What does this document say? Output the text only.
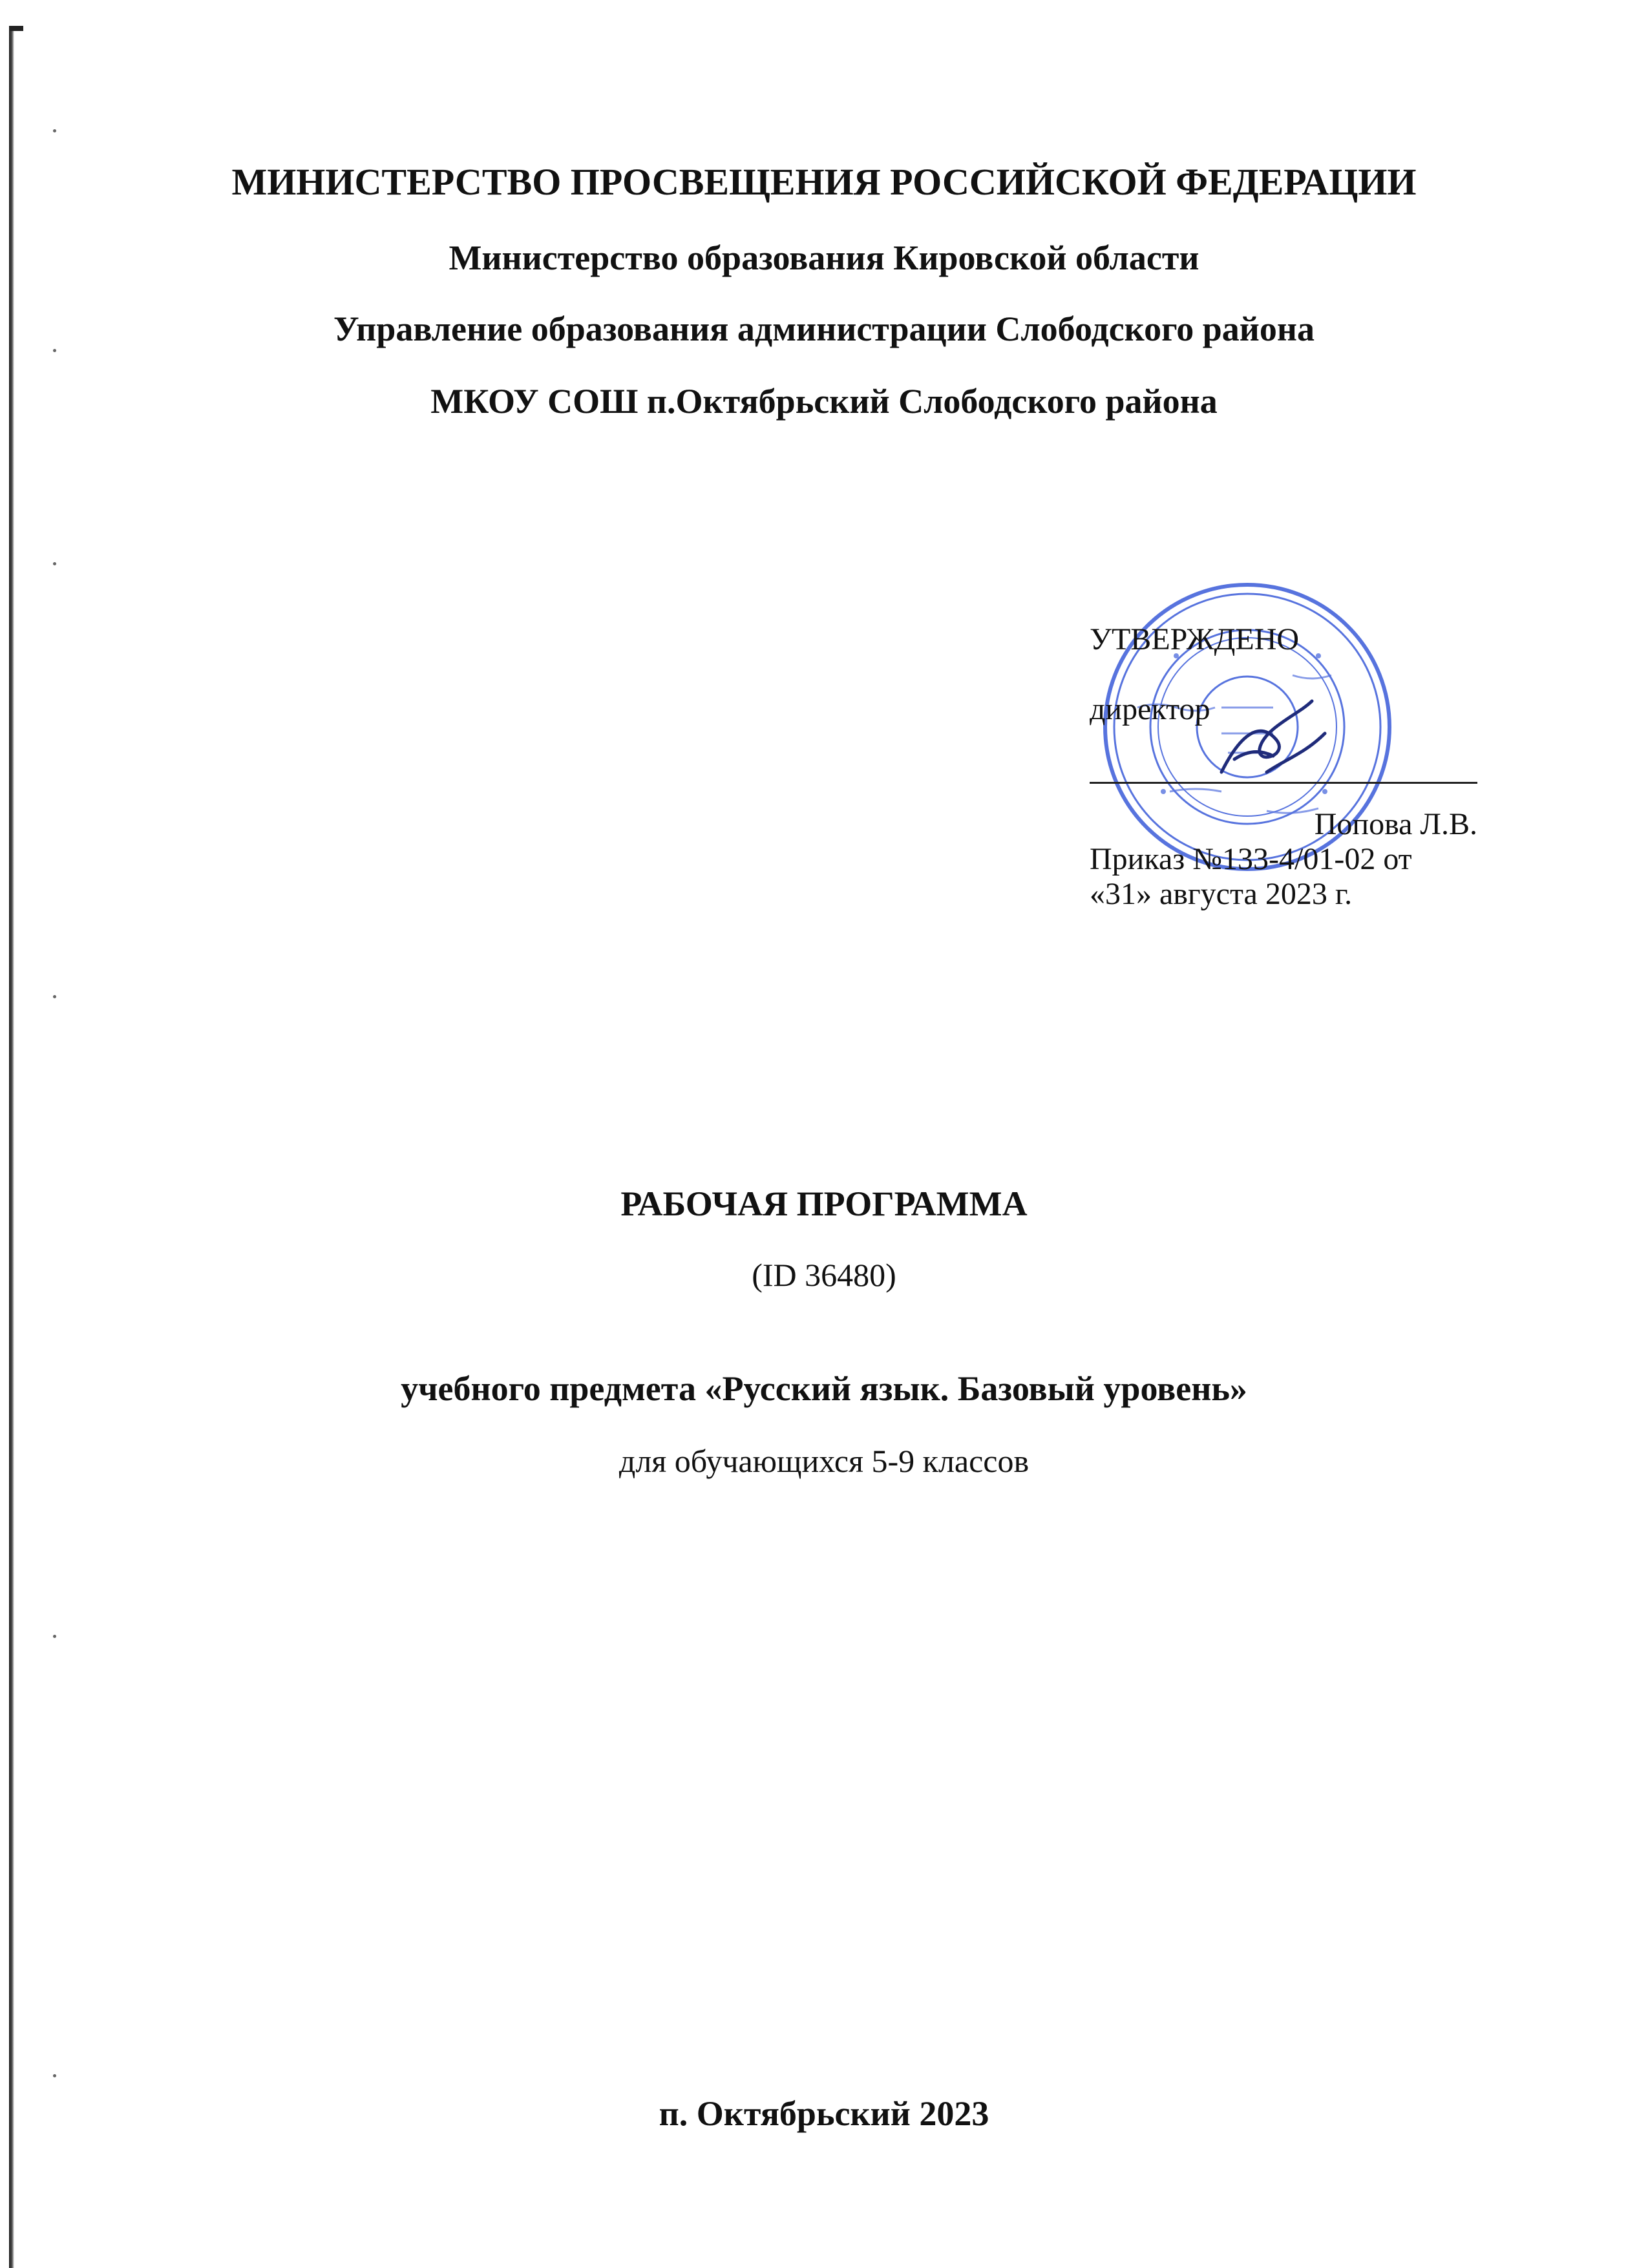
МИНИСТЕРСТВО ПРОСВЕЩЕНИЯ РОССИЙСКОЙ ФЕДЕРАЦИИ
Министерство образования Кировской области
Управление образования администрации Слободского района
МКОУ СОШ п.Октябрьский Слободского района
УТВЕРЖДЕНО
директор
Попова Л.В.
Приказ №133-4/01-02 от
«31» августа 2023 г.
РАБОЧАЯ ПРОГРАММА
(ID 36480)
учебного предмета «Русский язык. Базовый уровень»
для обучающихся 5-9 классов
п. Октябрьский 2023
